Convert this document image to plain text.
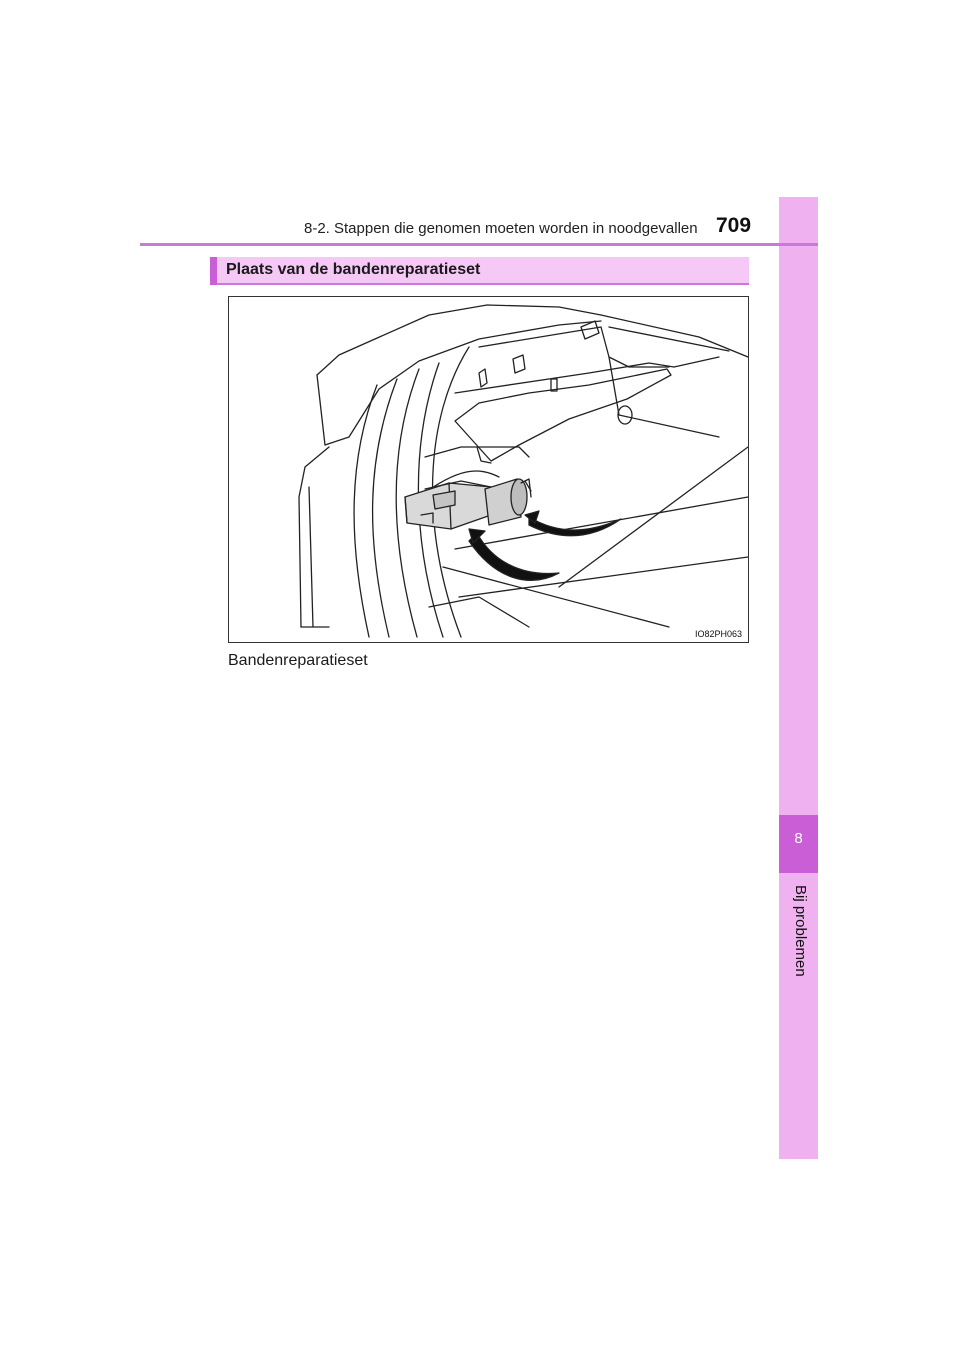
8
Bij problemen
8-2. Stappen die genomen moeten worden in noodgevallen 709
Plaats van de bandenreparatieset
IO82PH063
Bandenreparatieset
